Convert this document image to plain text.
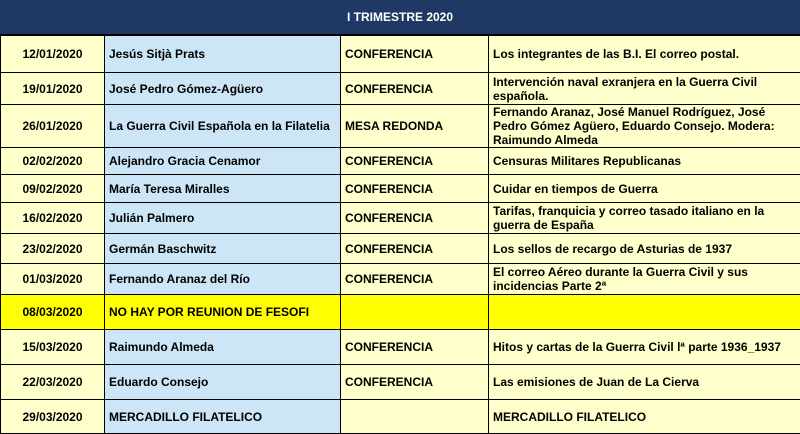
I TRIMESTRE 2020
12/01/2020	Jesús Sitjà Prats	CONFERENCIA	Los integrantes de las B.I. El correo postal.
19/01/2020	José Pedro Gómez-Agüero	CONFERENCIA	Intervención naval exranjera en la Guerra Civil española.
26/01/2020	La Guerra Civil Española en la Filatelia	MESA REDONDA	Fernando Aranaz, José Manuel Rodríguez, José Pedro Gómez Agüero, Eduardo Consejo. Modera: Raimundo Almeda
02/02/2020	Alejandro Gracia Cenamor	CONFERENCIA	Censuras Militares Republicanas
09/02/2020	María Teresa Miralles	CONFERENCIA	Cuidar en tiempos de Guerra
16/02/2020	Julián Palmero	CONFERENCIA	Tarifas, franquicia y correo tasado italiano en la guerra de España
23/02/2020	Germán Baschwitz	CONFERENCIA	Los sellos de recargo de Asturias de 1937
01/03/2020	Fernando Aranaz del Río	CONFERENCIA	El correo Aéreo durante la Guerra Civil y sus incidencias Parte 2ª
08/03/2020	NO HAY POR REUNION DE FESOFI		
15/03/2020	Raimundo Almeda	CONFERENCIA	Hitos y cartas de la Guerra Civil lª parte 1936_1937
22/03/2020	Eduardo Consejo	CONFERENCIA	Las emisiones de Juan de La Cierva
29/03/2020	MERCADILLO FILATELICO		MERCADILLO FILATELICO
